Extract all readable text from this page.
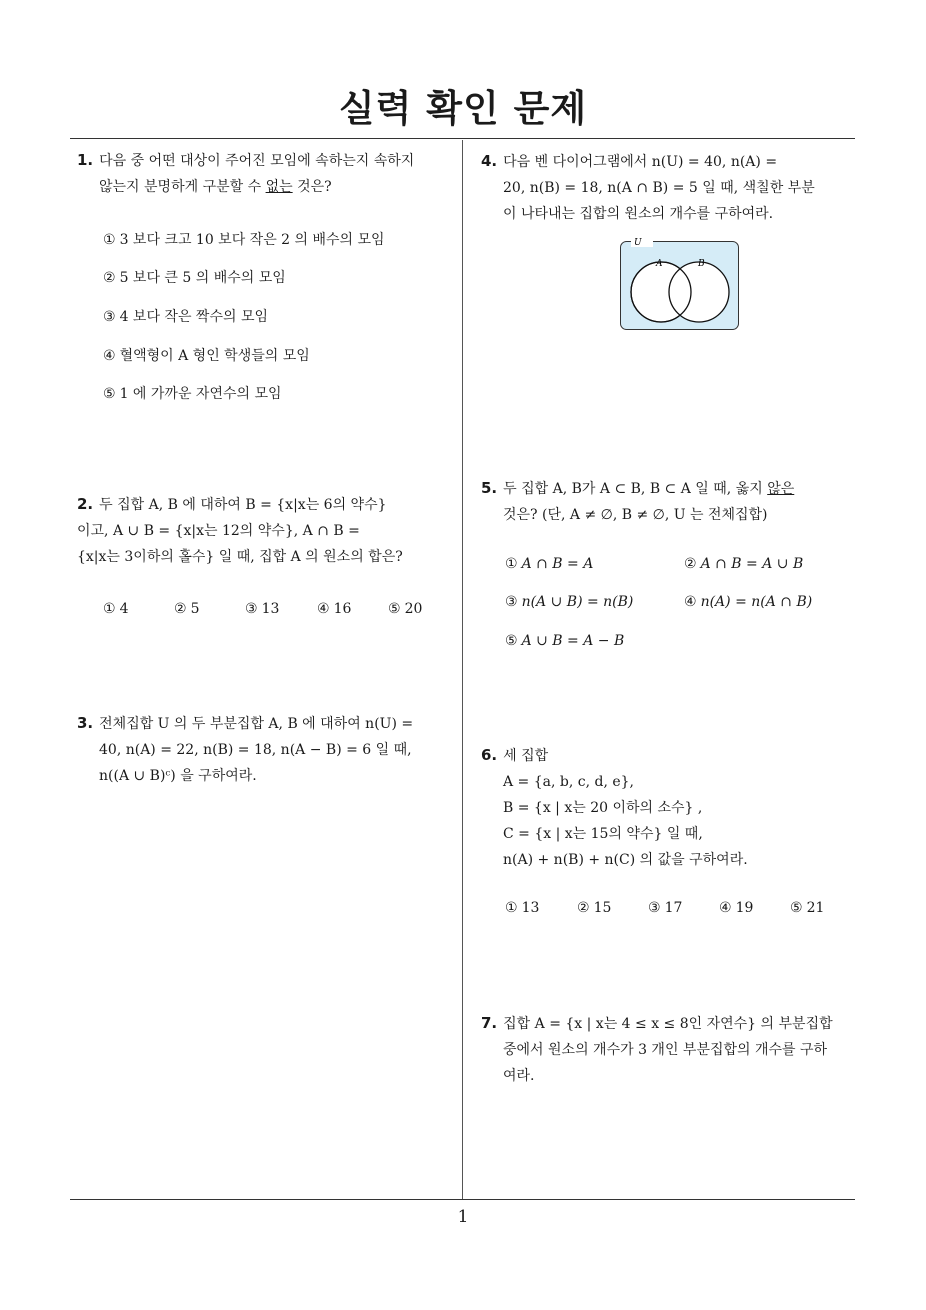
실력 확인 문제
1
1. 다음 중 어떤 대상이 주어진 모임에 속하는지 속하지
않는지 분명하게 구분할 수 없는 것은?
① 3 보다 크고 10 보다 작은 2 의 배수의 모임
② 5 보다 큰 5 의 배수의 모임
③ 4 보다 작은 짝수의 모임
④ 혈액형이 A 형인 학생들의 모임
⑤ 1 에 가까운 자연수의 모임
2. 두 집합 A, B 에 대하여 B = {x|x는 6의 약수}
이고, A ∪ B = {x|x는 12의 약수}, A ∩ B =
{x|x는 3이하의 홀수} 일 때, 집합 A 의 원소의 합은?
① 4	② 5	③ 13	④ 16	⑤ 20
3. 전체집합 U 의 두 부분집합 A, B 에 대하여 n(U) =
40, n(A) = 22, n(B) = 18, n(A − B) = 6 일 때,
n((A ∪ B)ᶜ) 을 구하여라.
4. 다음 벤 다이어그램에서 n(U) = 40, n(A) =
20, n(B) = 18, n(A ∩ B) = 5 일 때, 색칠한 부분
이 나타내는 집합의 원소의 개수를 구하여라.
U
A	B
5. 두 집합 A, B가 A ⊂ B, B ⊂ A 일 때, 옳지 않은
것은? (단, A ≠ ∅, B ≠ ∅, U 는 전체집합)
① A ∩ B = A	② A ∩ B = A ∪ B
③ n(A ∪ B) = n(B)	④ n(A) = n(A ∩ B)
⑤ A ∪ B = A − B
6. 세 집합
A = {a, b, c, d, e},
B = {x | x는 20 이하의 소수} ,
C = {x | x는 15의 약수} 일 때,
n(A) + n(B) + n(C) 의 값을 구하여라.
① 13	② 15	③ 17	④ 19	⑤ 21
7. 집합 A = {x | x는 4 ≤ x ≤ 8인 자연수} 의 부분집합
중에서 원소의 개수가 3 개인 부분집합의 개수를 구하
여라.
